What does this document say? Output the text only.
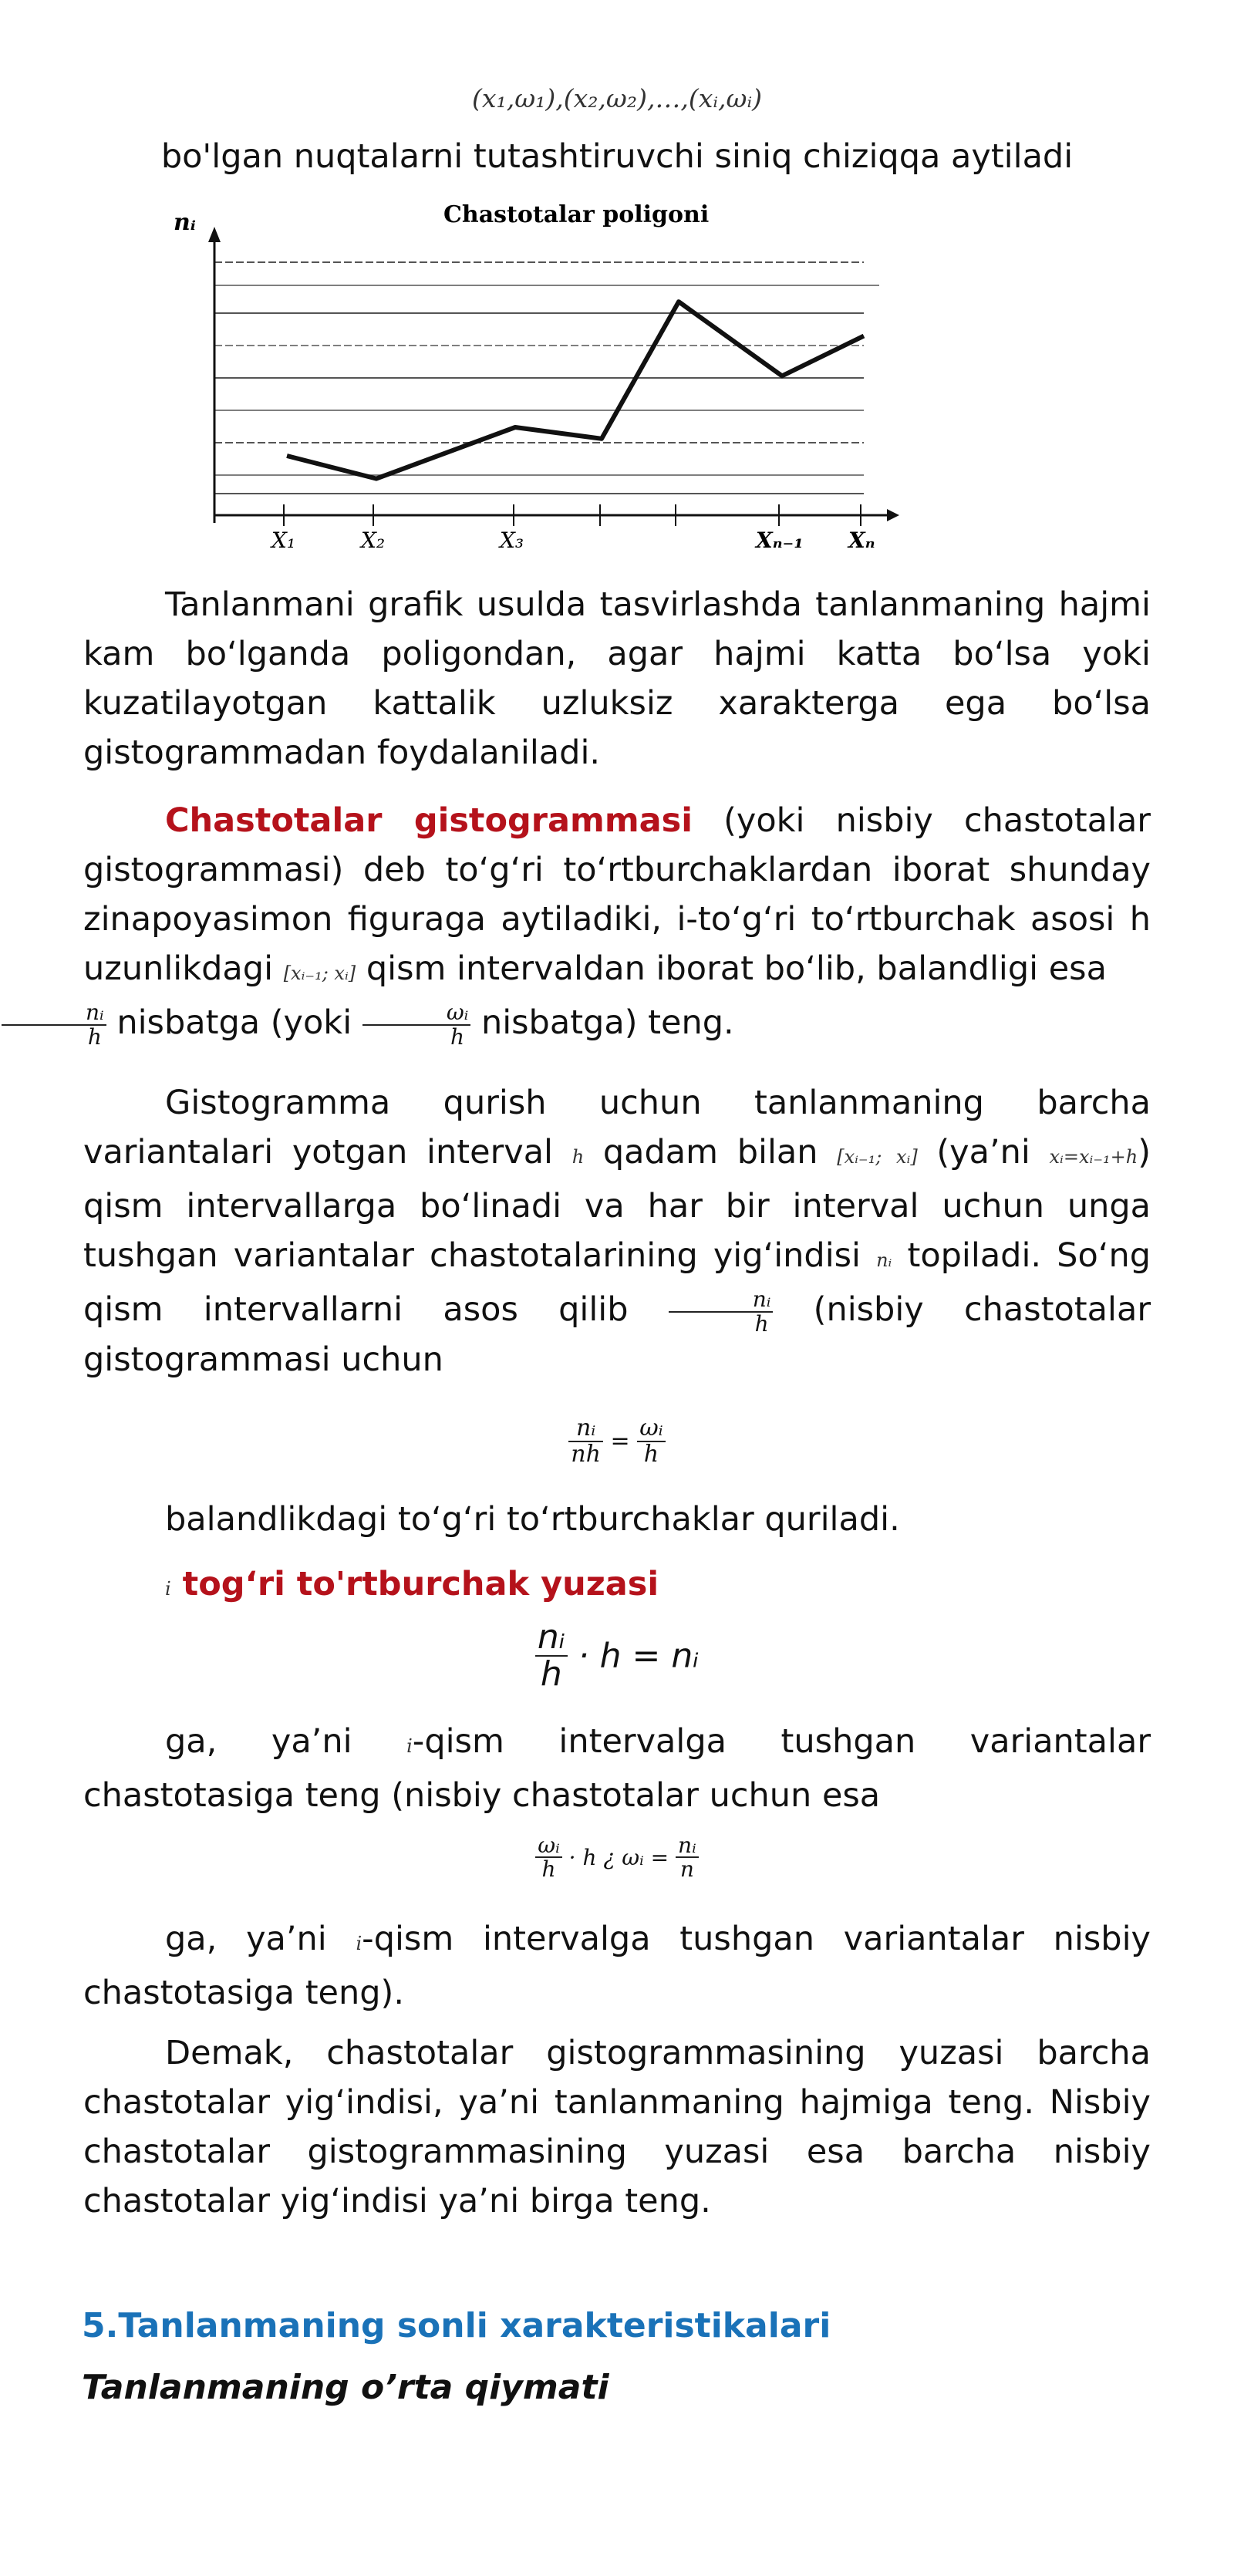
(x₁,ω₁),(x₂,ω₂),…,(xᵢ,ωᵢ)
bo'lgan nuqtalarni tutashtiruvchi siniq chiziqqa aytiladi
nᵢ	Chastotalar poligoni
X₁	X₂	X₃	Xₙ₋₁ Xₙ

Tanlanmani grafik usulda tasvirlashda tanlanmaning hajmi kam bo‘lganda poligondan, agar hajmi katta bo‘lsa yoki kuzatilayotgan kattalik uzluksiz xarakterga ega bo‘lsa gistogrammadan foydalaniladi.

Chastotalar gistogrammasi (yoki nisbiy chastotalar gistogrammasi) deb to‘g‘ri to‘rtburchaklardan iborat shunday zinapoyasimon figuraga aytiladiki, i-to‘g‘ri to‘rtburchak asosi h uzunlikdagi [xᵢ₋₁; xᵢ] qism intervaldan iborat bo‘lib, balandligi esa

$\frac{\text{nᵢ}}{h}$ nisbatga (yoki $\frac{\text{ωᵢ}}{h}$ nisbatga) teng.

Gistogramma qurish uchun tanlanmaning barcha variantalari yotgan interval h qadam bilan [xᵢ₋₁; xᵢ] (ya’ni xᵢ=xᵢ₋₁+h) qism intervallarga bo‘linadi va har bir interval uchun unga tushgan variantalar chastotalarining yig‘indisi nᵢ topiladi. So‘ng qism intervallarni asos qilib $\frac{\text{nᵢ}}{h}$ (nisbiy chastotalar gistogrammasi uchun

$\frac{\text{nᵢ}}{nh} = \frac{\text{ωᵢ}}{h}$

balandlikdagi to‘g‘ri to‘rtburchaklar quriladi.

i tog‘ri to'rtburchak yuzasi

$\frac{\text{nᵢ}}{h} \cdot h$ = nᵢ

ga, ya’ni i-qism intervalga tushgan variantalar chastotasiga teng (nisbiy chastotalar uchun esa

$\frac{\text{ωᵢ}}{h} \cdot h$ ¿ ωᵢ = $\frac{\text{nᵢ}}{n}$

ga, ya’ni i-qism intervalga tushgan variantalar nisbiy chastotasiga teng).

Demak, chastotalar gistogrammasining yuzasi barcha chastotalar yig‘indisi, ya’ni tanlanmaning hajmiga teng. Nisbiy chastotalar gistogrammasining yuzasi esa barcha nisbiy chastotalar yig‘indisi ya’ni birga teng.

5.Tanlanmaning sonli xarakteristikalari
Tanlanmaning o’rta qiymati
